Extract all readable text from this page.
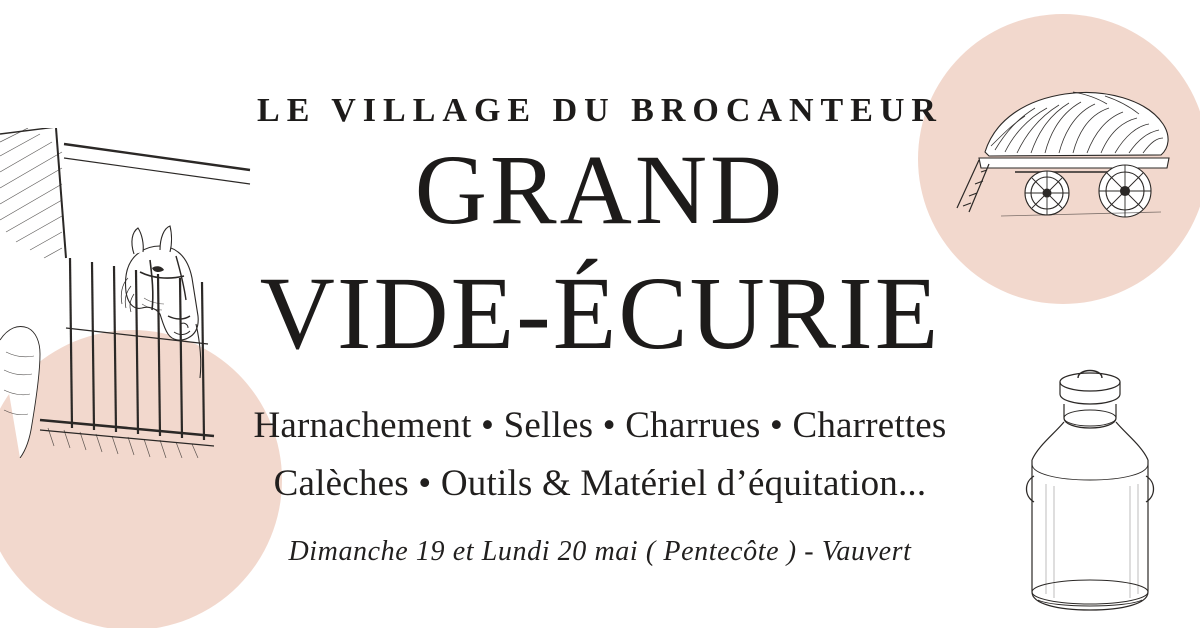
LE VILLAGE DU BROCANTEUR
GRAND
VIDE-ÉCURIE
Harnachement • Selles • Charrues • Charrettes
Calèches • Outils & Matériel d’équitation...
Dimanche 19 et Lundi 20 mai ( Pentecôte ) - Vauvert
